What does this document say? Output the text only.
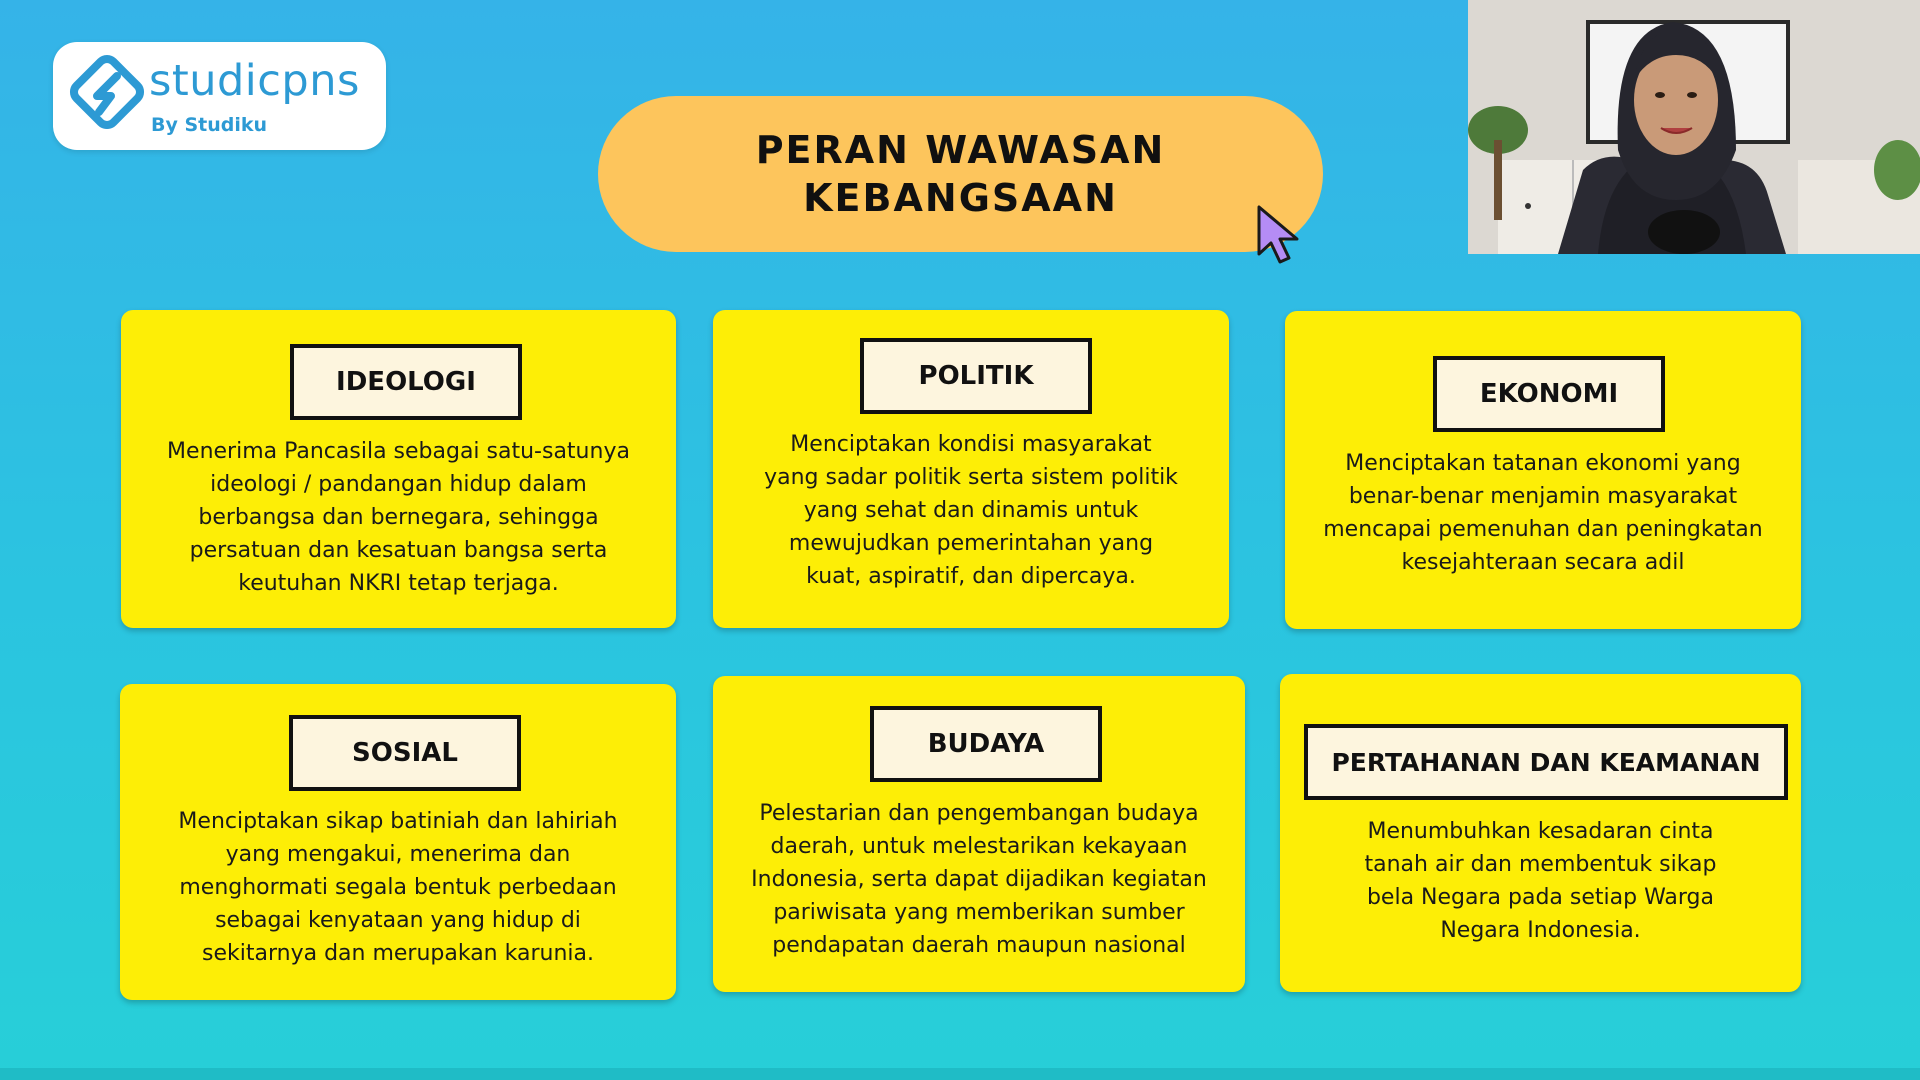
studicpns
By Studiku
PERAN WAWASAN
KEBANGSAAN
IDEOLOGI
Menerima Pancasila sebagai satu-satunya
ideologi / pandangan hidup dalam
berbangsa dan bernegara, sehingga
persatuan dan kesatuan bangsa serta
keutuhan NKRI tetap terjaga.
POLITIK
Menciptakan kondisi masyarakat
yang sadar politik serta sistem politik
yang sehat dan dinamis untuk
mewujudkan pemerintahan yang
kuat, aspiratif, dan dipercaya.
EKONOMI
Menciptakan tatanan ekonomi yang
benar-benar menjamin masyarakat
mencapai pemenuhan dan peningkatan
kesejahteraan secara adil
SOSIAL
Menciptakan sikap batiniah dan lahiriah
yang mengakui, menerima dan
menghormati segala bentuk perbedaan
sebagai kenyataan yang hidup di
sekitarnya dan merupakan karunia.
BUDAYA
Pelestarian dan pengembangan budaya
daerah, untuk melestarikan kekayaan
Indonesia, serta dapat dijadikan kegiatan
pariwisata yang memberikan sumber
pendapatan daerah maupun nasional
PERTAHANAN DAN KEAMANAN
Menumbuhkan kesadaran cinta
tanah air dan membentuk sikap
bela Negara pada setiap Warga
Negara Indonesia.
